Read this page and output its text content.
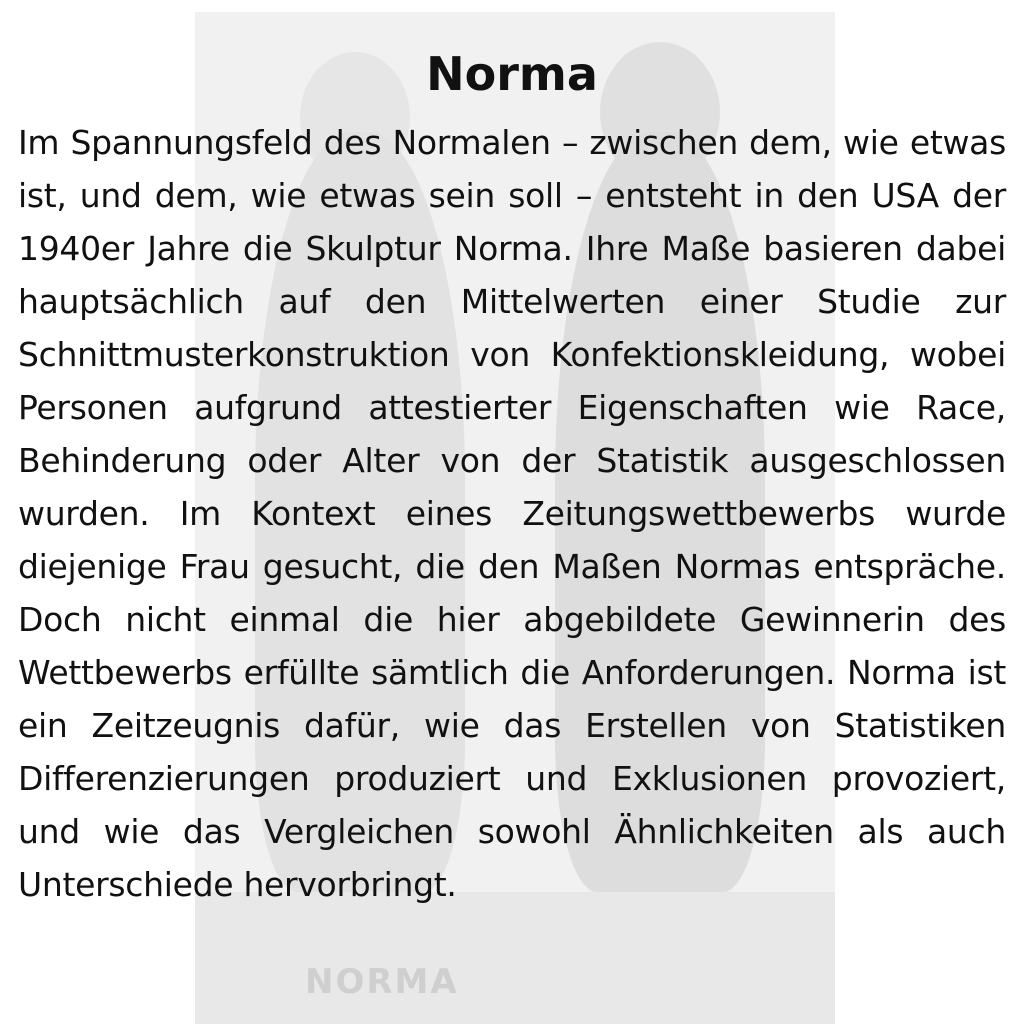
NORMA
Norma

Im Spannungsfeld des Normalen – zwischen dem, wie etwas ist, und dem, wie etwas sein soll – entsteht in den USA der 1940er Jahre die Skulptur Norma. Ihre Maße basieren dabei hauptsächlich auf den Mittelwerten einer Studie zur Schnittmusterkonstruktion von Konfektionskleidung, wobei Personen aufgrund attestierter Eigenschaften wie Race, Behinderung oder Alter von der Statistik ausgeschlossen wurden. Im Kontext eines Zeitungswettbewerbs wurde diejenige Frau gesucht, die den Maßen Normas entspräche. Doch nicht einmal die hier abgebildete Gewinnerin des Wettbewerbs erfüllte sämtlich die Anforderungen. Norma ist ein Zeitzeugnis dafür, wie das Erstellen von Statistiken Differenzierungen produziert und Exklusionen provoziert, und wie das Vergleichen sowohl Ähnlichkeiten als auch Unterschiede hervorbringt.
